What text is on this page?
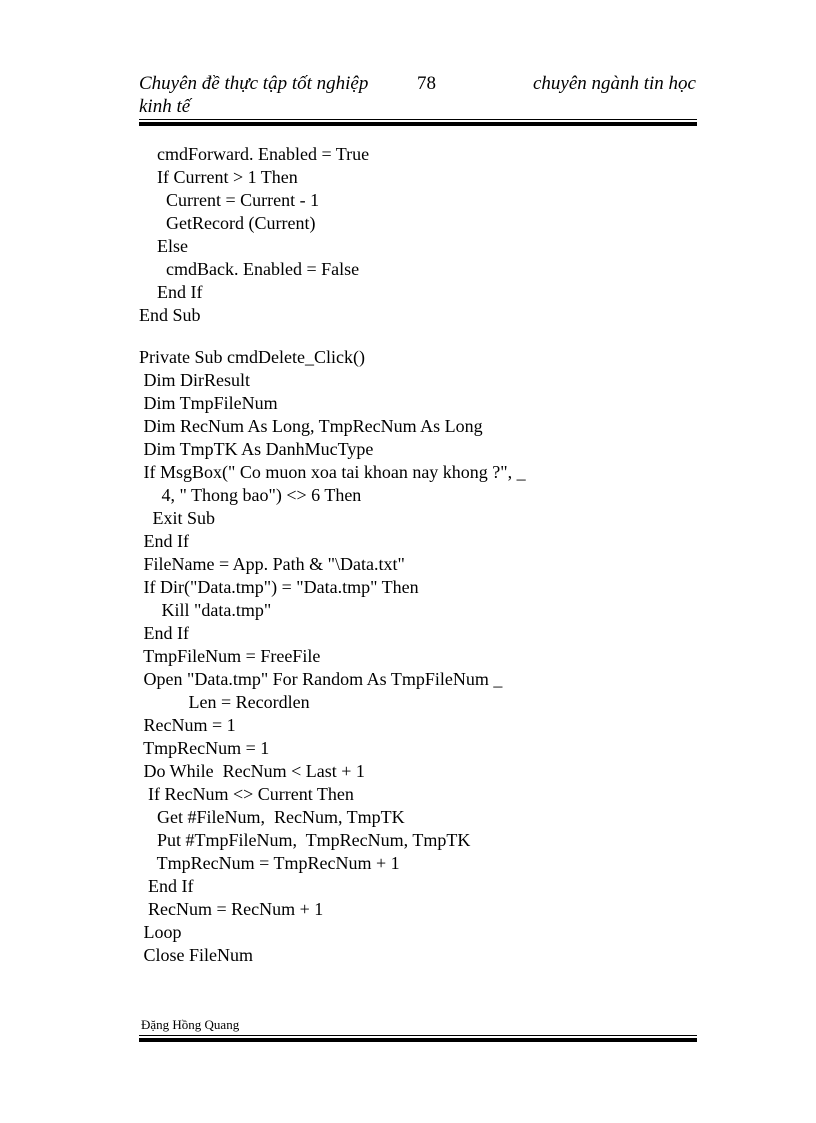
Chuyên đề thực tập tốt nghiệp
kinh tế
78	chuyên ngành tin học
cmdForward. Enabled = True
If Current > 1 Then
Current = Current - 1
GetRecord (Current)
Else
cmdBack. Enabled = False
End If
End Sub
Private Sub cmdDelete_Click()
Dim DirResult
Dim TmpFileNum
Dim RecNum As Long, TmpRecNum As Long
Dim TmpTK As DanhMucType
If MsgBox(" Co muon xoa tai khoan nay khong ?", _
4, " Thong bao") <> 6 Then
Exit Sub
End If
FileName = App. Path & "\Data.txt"
If Dir("Data.tmp") = "Data.tmp" Then
Kill "data.tmp"
End If
TmpFileNum = FreeFile
Open "Data.tmp" For Random As TmpFileNum _
Len = Recordlen
RecNum = 1
TmpRecNum = 1
Do While  RecNum < Last + 1
If RecNum <> Current Then
Get #FileNum,  RecNum, TmpTK
Put #TmpFileNum,  TmpRecNum, TmpTK
TmpRecNum = TmpRecNum + 1
End If
RecNum = RecNum + 1
Loop
Close FileNum
Đặng Hồng Quang
